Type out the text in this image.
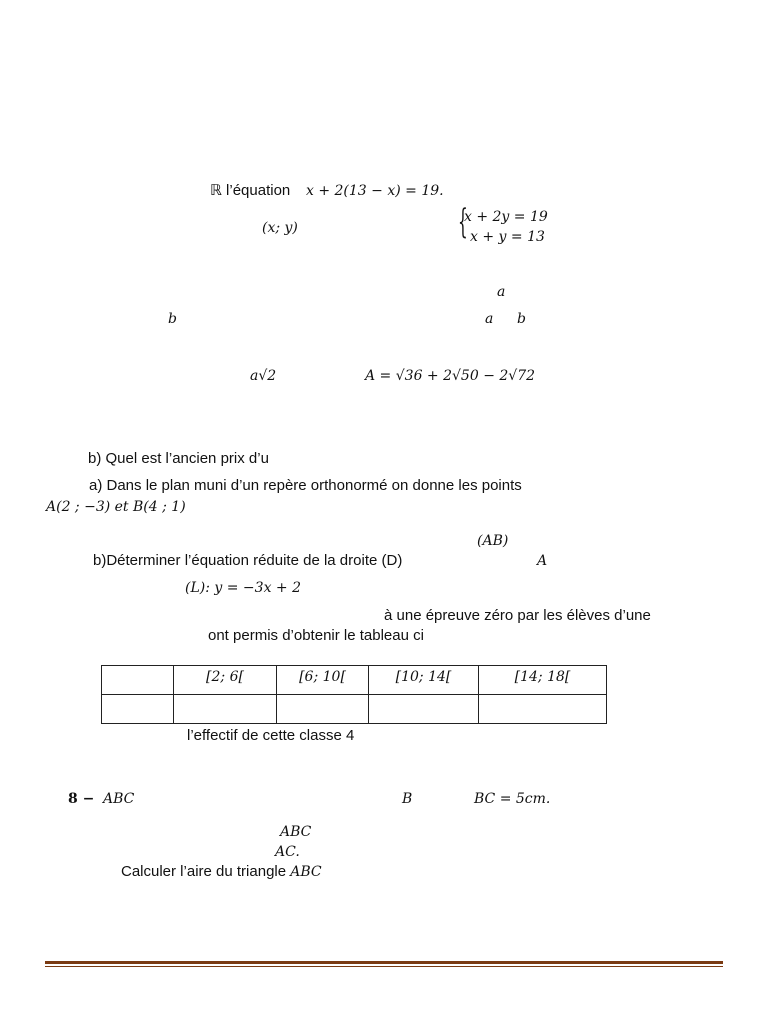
ℝ l’équation x + 2(13 − x) = 19.
(x; y)	{
x + 2y = 19
x + y = 13
a
b	a b
a√2	A = √36 + 2√50 − 2√72
b) Quel est l’ancien prix d’u
a) Dans le plan muni d’un repère orthonormé on donne les points
A(2 ; −3) et B(4 ; 1)
(AB)
b)Déterminer l’équation réduite de la droite (D)	A
(L): y = −3x + 2
à une épreuve zéro par les élèves d’une
ont permis d’obtenir le tableau ci
	[2; 6[	[6; 10[	[10; 14[	[14; 18[

l’effectif de cette classe 4
8 − ABC	B	BC = 5cm.
ABC
AC.
Calculer l’aire du triangle ABC
